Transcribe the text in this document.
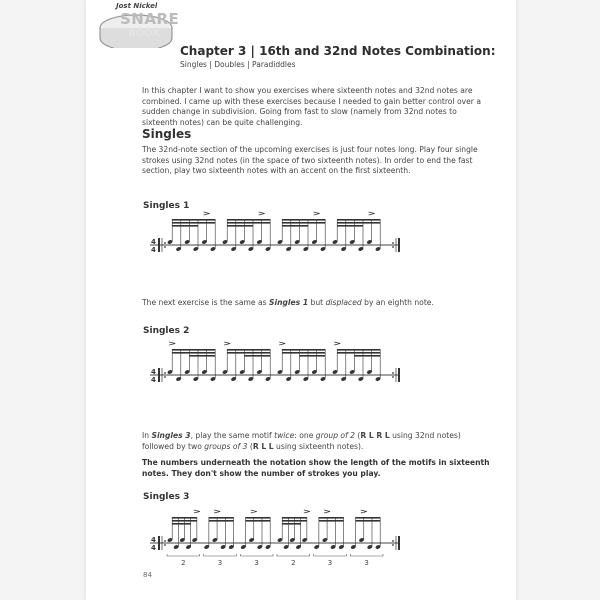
Jost Nickel
SNARE
BOOK
Chapter 3 | 16th and 32nd Notes Combination:
Singles | Doubles | Paradiddles
In this chapter I want to show you exercises where sixteenth notes and 32nd notes are combined. I came up with these exercises because I needed to gain better control over a sudden change in subdivision. Going from fast to slow (namely from 32nd notes to sixteenth notes) can be quite challenging.
Singles
The 32nd-note section of the upcoming exercises is just four notes long. Play four single strokes using 32nd notes (in the space of two sixteenth notes). In order to end the fast section, play two sixteenth notes with an accent on the first sixteenth.
Singles 1
The next exercise is the same as Singles 1 but displaced by an eighth note.
Singles 2
In Singles 3, play the same motif twice: one group of 2 (R L R L using 32nd notes) followed by two groups of 3 (R L L using sixteenth notes).
The numbers underneath the notation show the length of the motifs in sixteenth notes. They don't show the number of strokes you play.
Singles 3
4
4
4
4
4
4
2	3	3	2	3	3
84
